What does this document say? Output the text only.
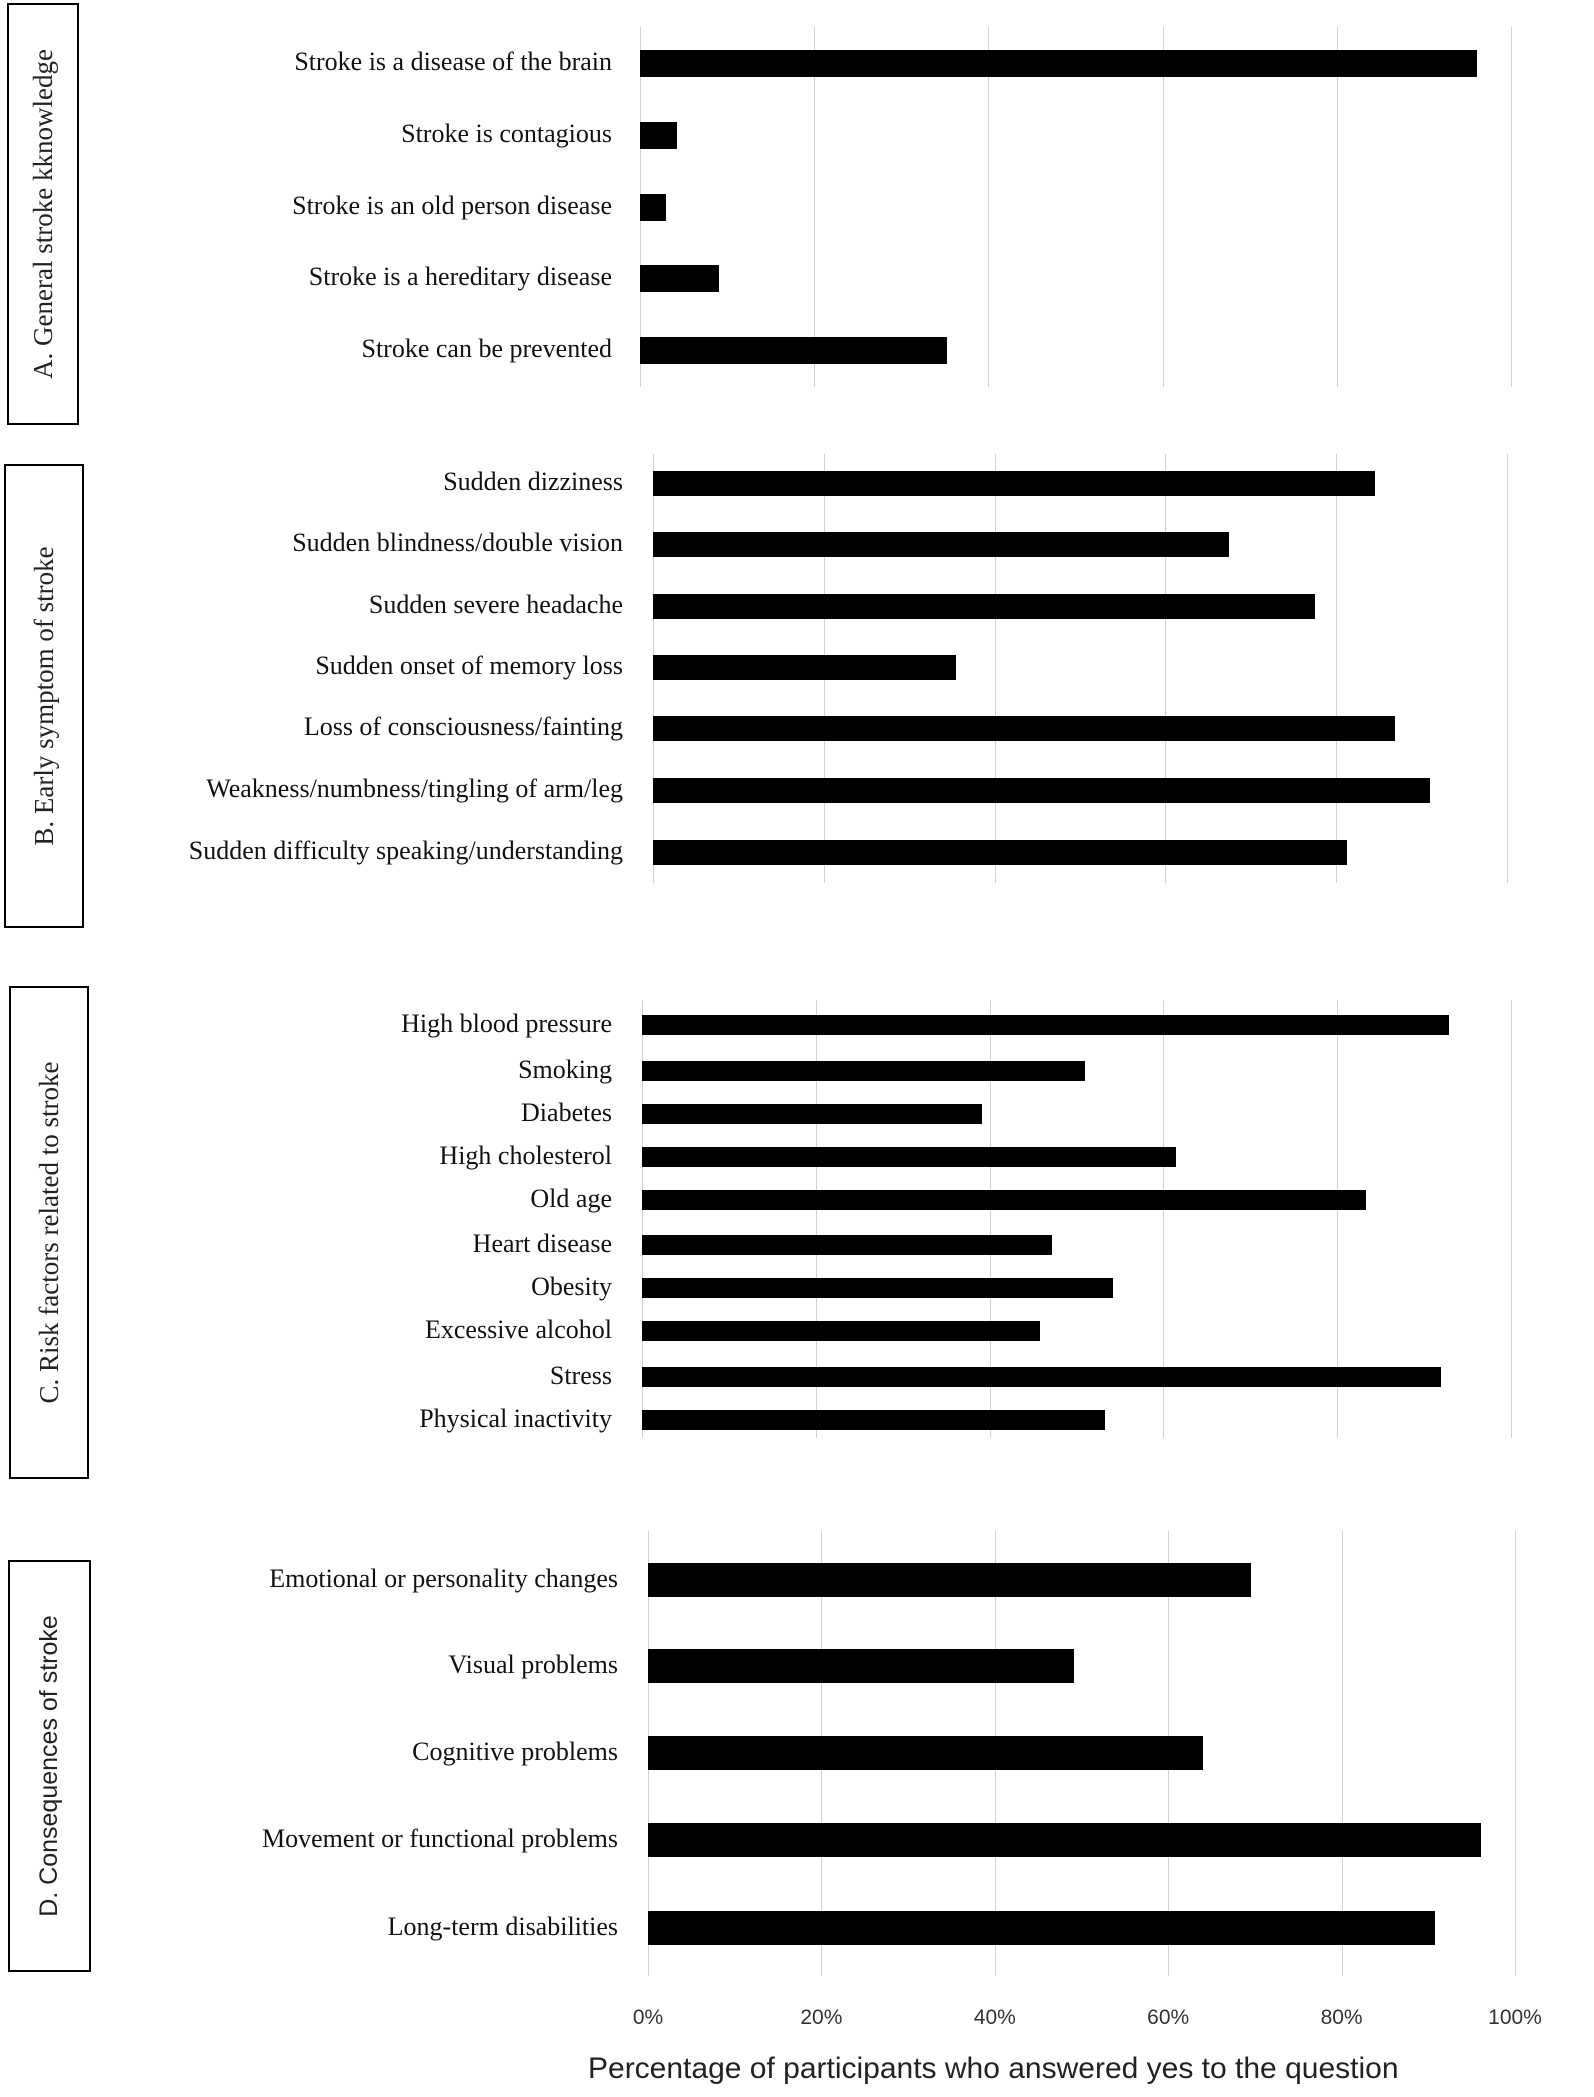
A. General stroke kknowledge	Stroke is a disease of the brain
Stroke is contagious
Stroke is an old person disease
Stroke is a hereditary disease
Stroke can be prevented
B. Early symptom of stroke
Sudden dizziness
Sudden blindness/double vision
Sudden severe headache
Sudden onset of memory loss
Loss of consciousness/fainting
Weakness/numbness/tingling of arm/leg
Sudden difficulty speaking/understanding
C. Risk factors related to stroke
High blood pressure
Smoking
Diabetes
High cholesterol
Old age
Heart disease
Obesity
Excessive alcohol
Stress
Physical inactivity
D. Consequences of stroke
Emotional or personality changes
Visual problems
Cognitive problems
Movement or functional problems
Long-term disabilities
0%	20%	40%	60%	80%	100%
Percentage of participants who answered yes to the question
